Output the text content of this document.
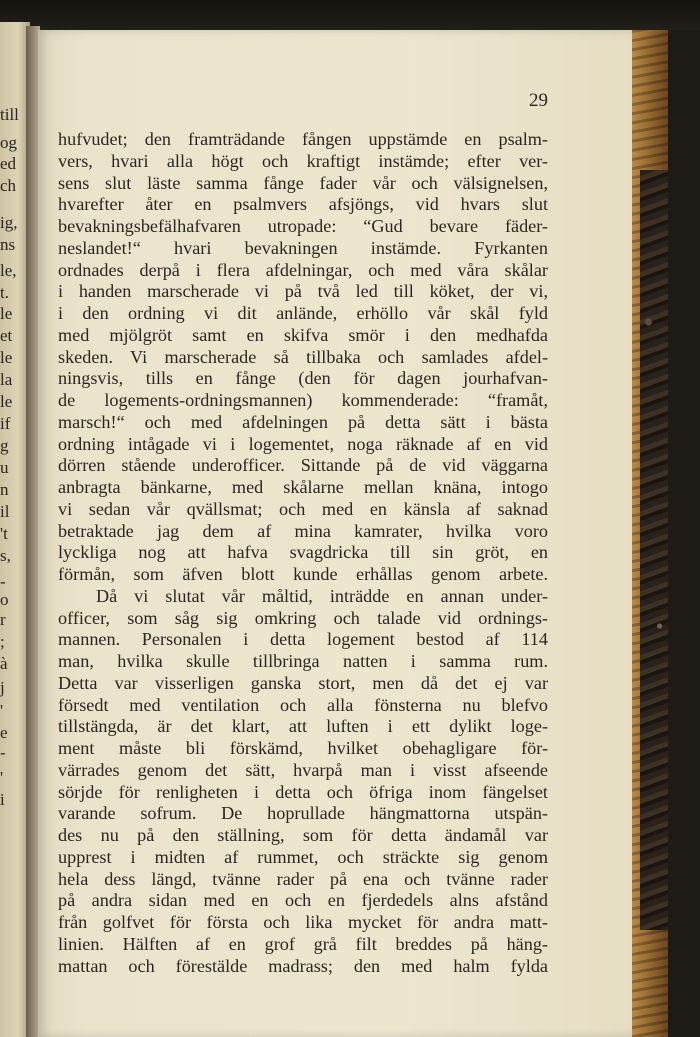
till
og
ed
ch
ig,
ns
le,
t.
le
et
le
la
le
if
g
u
n
il
't
s,
-
o
r
;
à
j
'
e
-
'
i
29
hufvudet; den framträdande fången uppstämde en psalm-
vers, hvari alla högt och kraftigt instämde; efter ver-
sens slut läste samma fånge fader vår och välsignelsen,
hvarefter åter en psalmvers afsjöngs, vid hvars slut
bevakningsbefälhafvaren utropade: “Gud bevare fäder-
neslandet!“ hvari bevakningen instämde. Fyrkanten
ordnades derpå i flera afdelningar, och med våra skålar
i handen marscherade vi på två led till köket, der vi,
i den ordning vi dit anlände, erhöllo vår skål fyld
med mjölgröt samt en skifva smör i den medhafda
skeden. Vi marscherade så tillbaka och samlades afdel-
ningsvis, tills en fånge (den för dagen jourhafvan-
de logements-ordningsmannen) kommenderade: “framåt,
marsch!“ och med afdelningen på detta sätt i bästa
ordning intågade vi i logementet, noga räknade af en vid
dörren stående underofficer. Sittande på de vid väggarna
anbragta bänkarne, med skålarne mellan knäna, intogo
vi sedan vår qvällsmat; och med en känsla af saknad
betraktade jag dem af mina kamrater, hvilka voro
lyckliga nog att hafva svagdricka till sin gröt, en
förmån, som äfven blott kunde erhållas genom arbete.
Då vi slutat vår måltid, inträdde en annan under-
officer, som såg sig omkring och talade vid ordnings-
mannen. Personalen i detta logement bestod af 114
man, hvilka skulle tillbringa natten i samma rum.
Detta var visserligen ganska stort, men då det ej var
försedt med ventilation och alla fönsterna nu blefvo
tillstängda, är det klart, att luften i ett dylikt loge-
ment måste bli förskämd, hvilket obehagligare för-
värrades genom det sätt, hvarpå man i visst afseende
sörjde för renligheten i detta och öfriga inom fängelset
varande sofrum. De hoprullade hängmattorna utspän-
des nu på den ställning, som för detta ändamål var
upprest i midten af rummet, och sträckte sig genom
hela dess längd, tvänne rader på ena och tvänne rader
på andra sidan med en och en fjerdedels alns afstånd
från golfvet för första och lika mycket för andra matt-
linien. Hälften af en grof grå filt breddes på häng-
mattan och förestälde madrass; den med halm fylda
